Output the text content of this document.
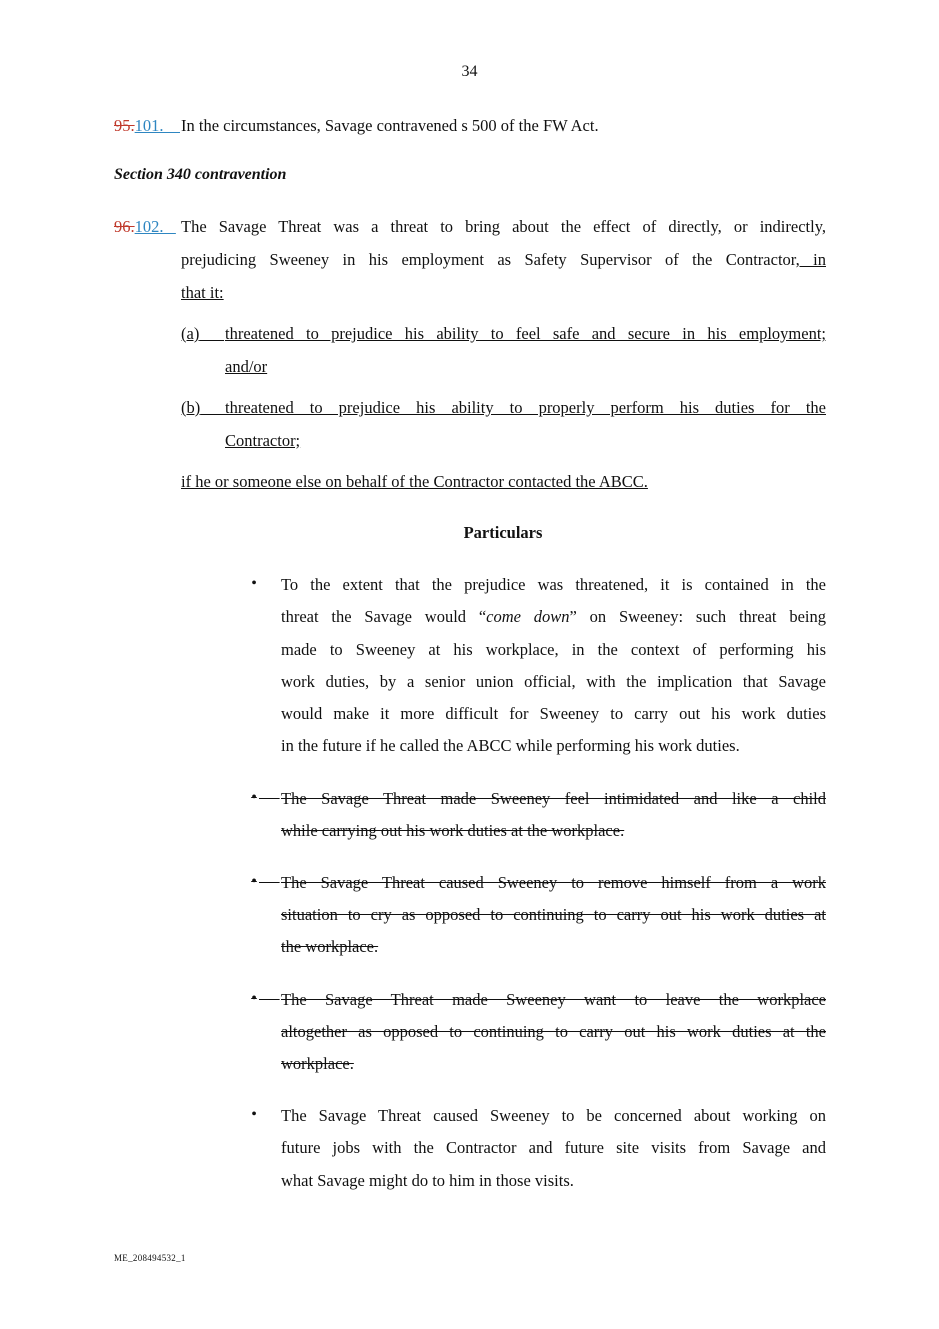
34
95.101.	In the circumstances, Savage contravened s 500 of the FW Act.
Section 340 contravention
96.102.	The Savage Threat was a threat to bring about the effect of directly, or indirectly,
prejudicing Sweeney in his employment as Safety Supervisor of the Contractor, in
that it:
(a)	threatened to prejudice his ability to feel safe and secure in his employment;
and/or
(b)	threatened to prejudice his ability to properly perform his duties for the
Contractor;
if he or someone else on behalf of the Contractor contacted the ABCC.
Particulars
• To the extent that the prejudice was threatened, it is contained in the
threat the Savage would “come down” on Sweeney: such threat being
made to Sweeney at his workplace, in the context of performing his
work duties, by a senior union official, with the implication that Savage
would make it more difficult for Sweeney to carry out his work duties
in the future if he called the ABCC while performing his work duties.
•
The Savage Threat made Sweeney feel intimidated and like a child
while carrying out his work duties at the workplace.
•
The Savage Threat caused Sweeney to remove himself from a work
situation to cry as opposed to continuing to carry out his work duties at
the workplace.
•
The Savage Threat made Sweeney want to leave the workplace
altogether as opposed to continuing to carry out his work duties at the
workplace.
• The Savage Threat caused Sweeney to be concerned about working on
future jobs with the Contractor and future site visits from Savage and
what Savage might do to him in those visits.
ME_208494532_1
